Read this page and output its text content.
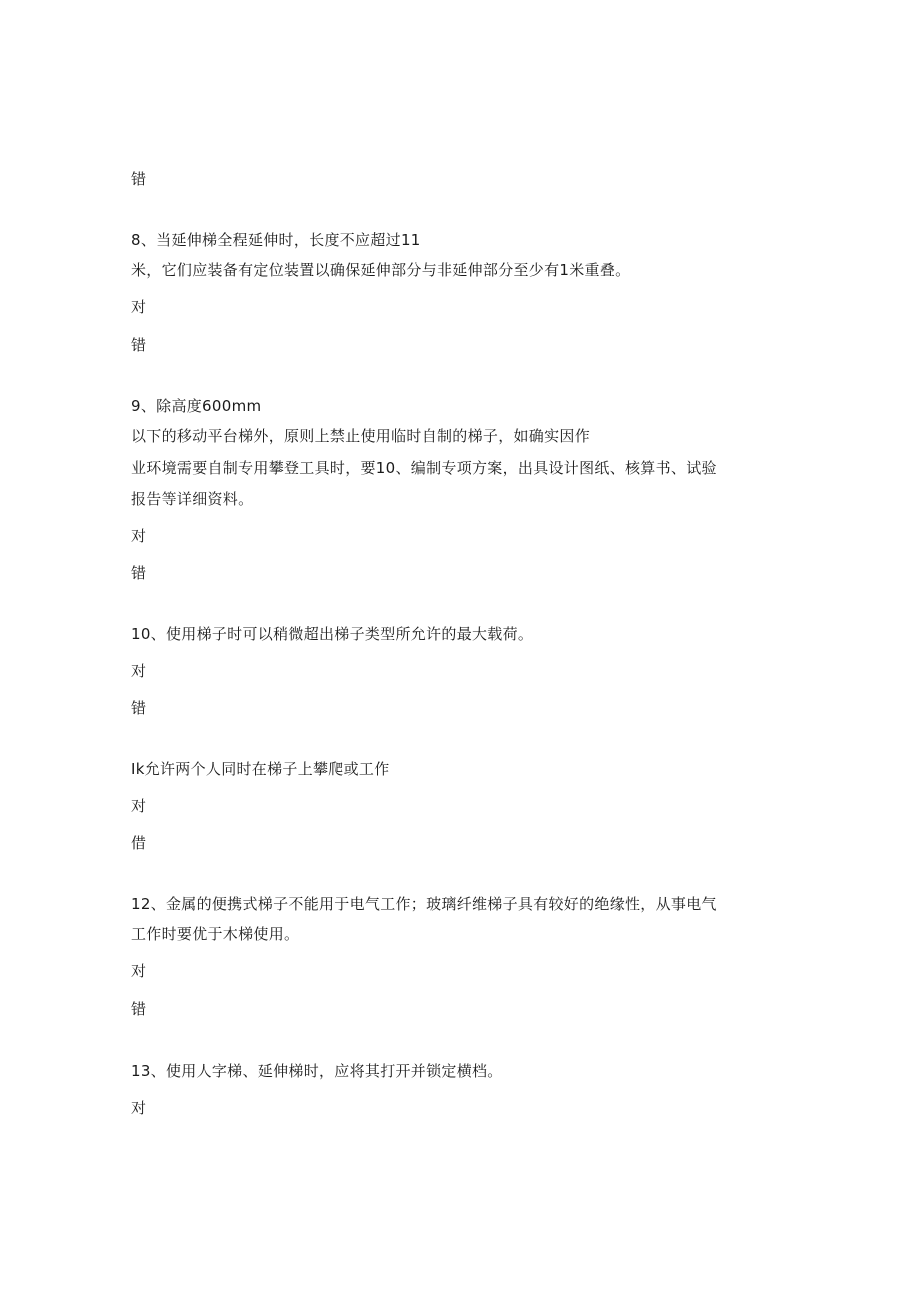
错
8、当延伸梯全程延伸时，长度不应超过11
米，它们应装备有定位装置以确保延伸部分与非延伸部分至少有1米重叠。
对
错
9、除高度600mm
以下的移动平台梯外，原则上禁止使用临时自制的梯子，如确实因作
业环境需要自制专用攀登工具时，要10、编制专项方案，出具设计图纸、核算书、试验
报告等详细资料。
对
错
10、使用梯子时可以稍微超出梯子类型所允许的最大载荷。
对
错
Ik允许两个人同时在梯子上攀爬或工作
对
借
12、金属的便携式梯子不能用于电气工作；玻璃纤维梯子具有较好的绝缘性，从事电气
工作时要优于木梯使用。
对
错
13、使用人字梯、延伸梯时，应将其打开并锁定横档。
对
